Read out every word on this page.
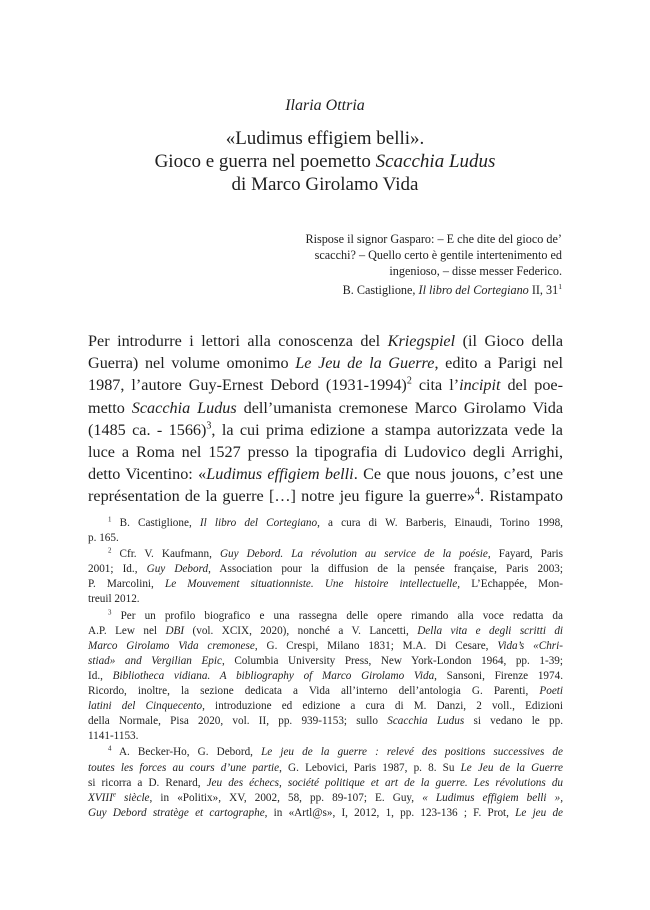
Ilaria Ottria
«Ludimus effigiem belli».
Gioco e guerra nel poemetto Scacchia Ludus
di Marco Girolamo Vida
Rispose il signor Gasparo: – E che dite del gioco de’
scacchi? – Quello certo è gentile intertenimento ed
ingenioso, – disse messer Federico.
B. Castiglione, Il libro del Cortegiano II, $31^1$
Per introdurre i lettori alla conoscenza del Kriegspiel (il Gioco della
Guerra) nel volume omonimo Le Jeu de la Guerre, edito a Parigi nel
1987, l’autore Guy-Ernest Debord (1931-1994)$^2$ cita l’incipit del poe-
metto Scacchia Ludus dell’umanista cremonese Marco Girolamo Vida
(1485 ca. - 1566)$^3$, la cui prima edizione a stampa autorizzata vede la
luce a Roma nel 1527 presso la tipografia di Ludovico degli Arrighi,
detto Vicentino: «Ludimus effigiem belli. Ce que nous jouons, c’est une
représentation de la guerre […] notre jeu figure la guerre»$^4$. Ristampato
$^1$ B. Castiglione, Il libro del Cortegiano, a cura di W. Barberis, Einaudi, Torino 1998,
p. 165.
$^2$ Cfr. V. Kaufmann, Guy Debord. La révolution au service de la poésie, Fayard, Paris
2001; Id., Guy Debord, Association pour la diffusion de la pensée française, Paris 2003;
P. Marcolini, Le Mouvement situationniste. Une histoire intellectuelle, L’Echappée, Mon-
treuil 2012.
$^3$ Per un profilo biografico e una rassegna delle opere rimando alla voce redatta da
A.P. Lew nel DBI (vol. XCIX, 2020), nonché a V. Lancetti, Della vita e degli scritti di
Marco Girolamo Vida cremonese, G. Crespi, Milano 1831; M.A. Di Cesare, Vida’s «Chri-
stiad» and Vergilian Epic, Columbia University Press, New York-London 1964, pp. 1-39;
Id., Bibliotheca vidiana. A bibliography of Marco Girolamo Vida, Sansoni, Firenze 1974.
Ricordo, inoltre, la sezione dedicata a Vida all’interno dell’antologia G. Parenti, Poeti
latini del Cinquecento, introduzione ed edizione a cura di M. Danzi, 2 voll., Edizioni
della Normale, Pisa 2020, vol. II, pp. 939-1153; sullo Scacchia Ludus si vedano le pp.
1141-1153.
$^4$ A. Becker-Ho, G. Debord, Le jeu de la guerre : relevé des positions successives de
toutes les forces au cours d’une partie, G. Lebovici, Paris 1987, p. 8. Su Le Jeu de la Guerre
si ricorra a D. Renard, Jeu des échecs, société politique et art de la guerre. Les révolutions du
XVIIIe siècle, in «Politix», XV, 2002, 58, pp. 89-107; E. Guy, « Ludimus effigiem belli »,
Guy Debord stratège et cartographe, in «Artl@s», I, 2012, 1, pp. 123-136 ; F. Prot, Le jeu de
